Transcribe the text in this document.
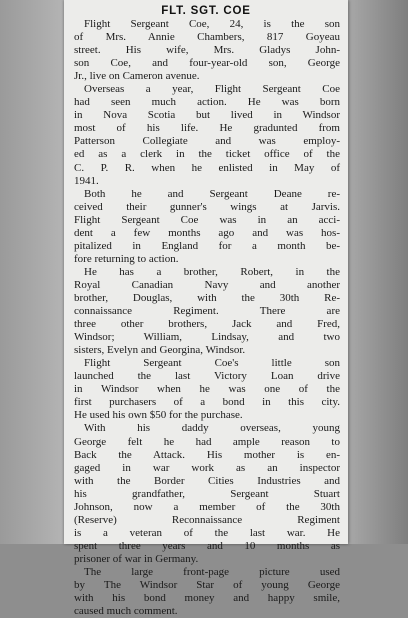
FLT. SGT. COE
Flight Sergeant Coe, 24, is the son
of Mrs. Annie Chambers, 817 Goyeau
street. His wife, Mrs. Gladys John-
son Coe, and four-year-old son, George
Jr., live on Cameron avenue.
Overseas a year, Flight Sergeant Coe
had seen much action. He was born
in Nova Scotia but lived in Windsor
most of his life. He gradunted from
Patterson Collegiate and was employ-
ed as a clerk in the ticket office of the
C. P. R. when he enlisted in May of
1941.
Both he and Sergeant Deane re-
ceived their gunner's wings at Jarvis.
Flight Sergeant Coe was in an acci-
dent a few months ago and was hos-
pitalized in England for a month be-
fore returning to action.
He has a brother, Robert, in the
Royal Canadian Navy and another
brother, Douglas, with the 30th Re-
connaissance Regiment. There are
three other brothers, Jack and Fred,
Windsor; William, Lindsay, and two
sisters, Evelyn and Georgina, Windsor.
Flight Sergeant Coe's little son
launched the last Victory Loan drive
in Windsor when he was one of the
first purchasers of a bond in this city.
He used his own $50 for the purchase.
With his daddy overseas, young
George felt he had ample reason to
Back the Attack. His mother is en-
gaged in war work as an inspector
with the Border Cities Industries and
his grandfather, Sergeant Stuart
Johnson, now a member of the 30th
(Reserve) Reconnaissance Regiment
is a veteran of the last war. He
spent three years and 10 months as
prisoner of war in Germany.
The large front-page picture used
by The Windsor Star of young George
with his bond money and happy smile,
caused much comment.
